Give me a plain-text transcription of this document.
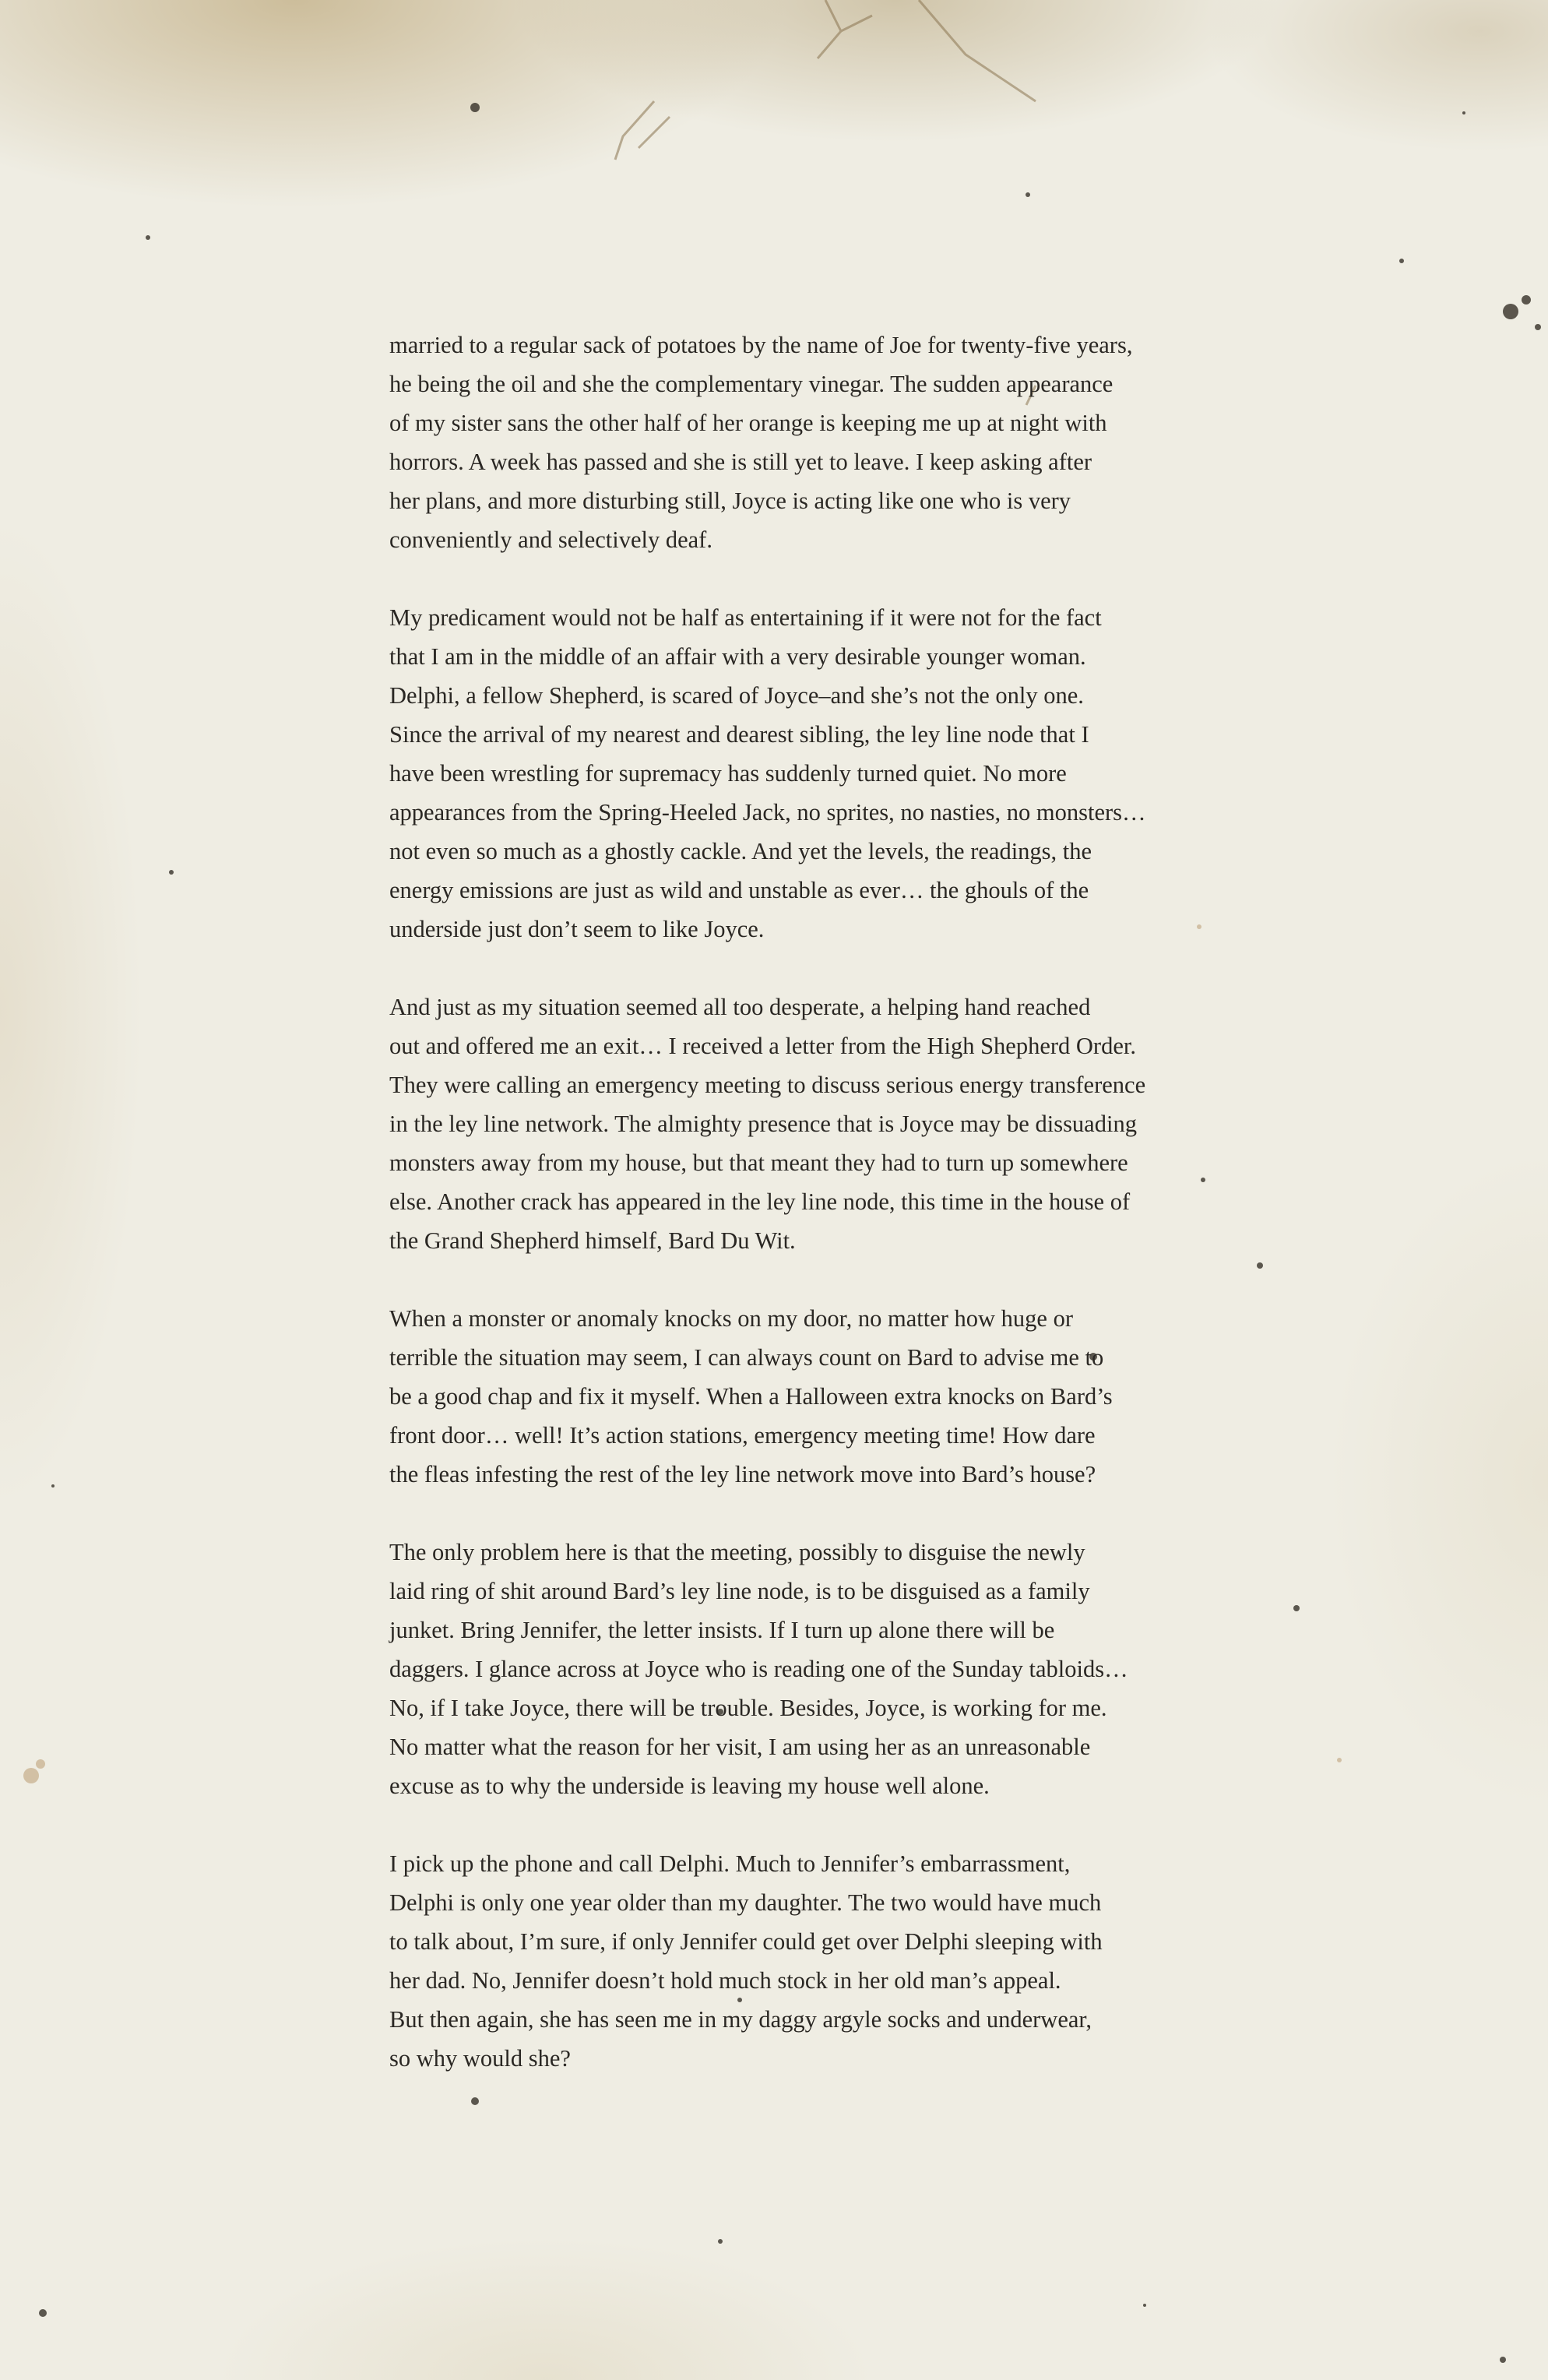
married to a regular sack of potatoes by the name of Joe for twenty-five years,
he being the oil and she the complementary vinegar. The sudden appearance
of my sister sans the other half of her orange is keeping me up at night with
horrors. A week has passed and she is still yet to leave. I keep asking after
her plans, and more disturbing still, Joyce is acting like one who is very
conveniently and selectively deaf.

My predicament would not be half as entertaining if it were not for the fact
that I am in the middle of an affair with a very desirable younger woman.
Delphi, a fellow Shepherd, is scared of Joyce–and she’s not the only one.
Since the arrival of my nearest and dearest sibling, the ley line node that I
have been wrestling for supremacy has suddenly turned quiet. No more
appearances from the Spring-Heeled Jack, no sprites, no nasties, no monsters…
not even so much as a ghostly cackle. And yet the levels, the readings, the
energy emissions are just as wild and unstable as ever… the ghouls of the
underside just don’t seem to like Joyce.

And just as my situation seemed all too desperate, a helping hand reached
out and offered me an exit… I received a letter from the High Shepherd Order.
They were calling an emergency meeting to discuss serious energy transference
in the ley line network. The almighty presence that is Joyce may be dissuading
monsters away from my house, but that meant they had to turn up somewhere
else. Another crack has appeared in the ley line node, this time in the house of
the Grand Shepherd himself, Bard Du Wit.

When a monster or anomaly knocks on my door, no matter how huge or
terrible the situation may seem, I can always count on Bard to advise me to
be a good chap and fix it myself. When a Halloween extra knocks on Bard’s
front door… well! It’s action stations, emergency meeting time! How dare
the fleas infesting the rest of the ley line network move into Bard’s house?

The only problem here is that the meeting, possibly to disguise the newly
laid ring of shit around Bard’s ley line node, is to be disguised as a family
junket. Bring Jennifer, the letter insists. If I turn up alone there will be
daggers. I glance across at Joyce who is reading one of the Sunday tabloids…
No, if I take Joyce, there will be trouble. Besides, Joyce, is working for me.
No matter what the reason for her visit, I am using her as an unreasonable
excuse as to why the underside is leaving my house well alone.

I pick up the phone and call Delphi. Much to Jennifer’s embarrassment,
Delphi is only one year older than my daughter. The two would have much
to talk about, I’m sure, if only Jennifer could get over Delphi sleeping with
her dad. No, Jennifer doesn’t hold much stock in her old man’s appeal.
But then again, she has seen me in my daggy argyle socks and underwear,
so why would she?
